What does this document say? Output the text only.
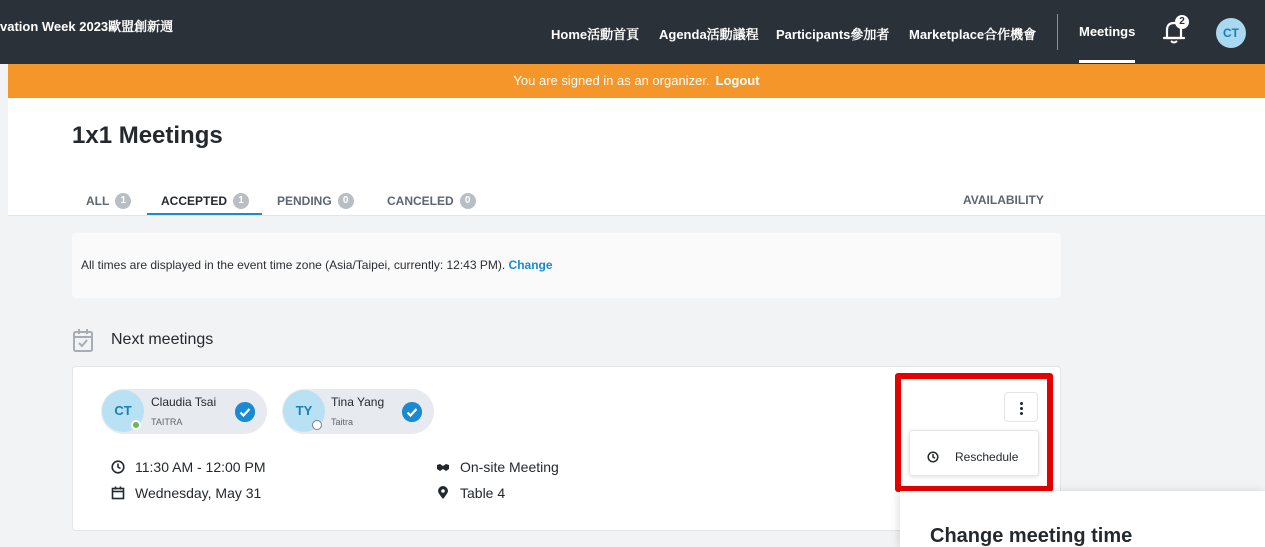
vation Week 2023歐盟創新週
Home活動首頁 Agenda活動議程 Participants參加者 Marketplace合作機會	Meetings
2
CT
You are signed in as an organizer. Logout
1x1 Meetings
ALL	1	ACCEPTED	1	PENDING	0	CANCELED	0	AVAILABILITY
All times are displayed in the event time zone (Asia/Taipei, currently: 12:43 PM). Change
Next meetings
CT
Claudia Tsai
TAITRA
TY
Tina Yang
Taitra
11:30 AM - 12:00 PM
Wednesday, May 31
On-site Meeting
Table 4
Reschedule
Change meeting time
